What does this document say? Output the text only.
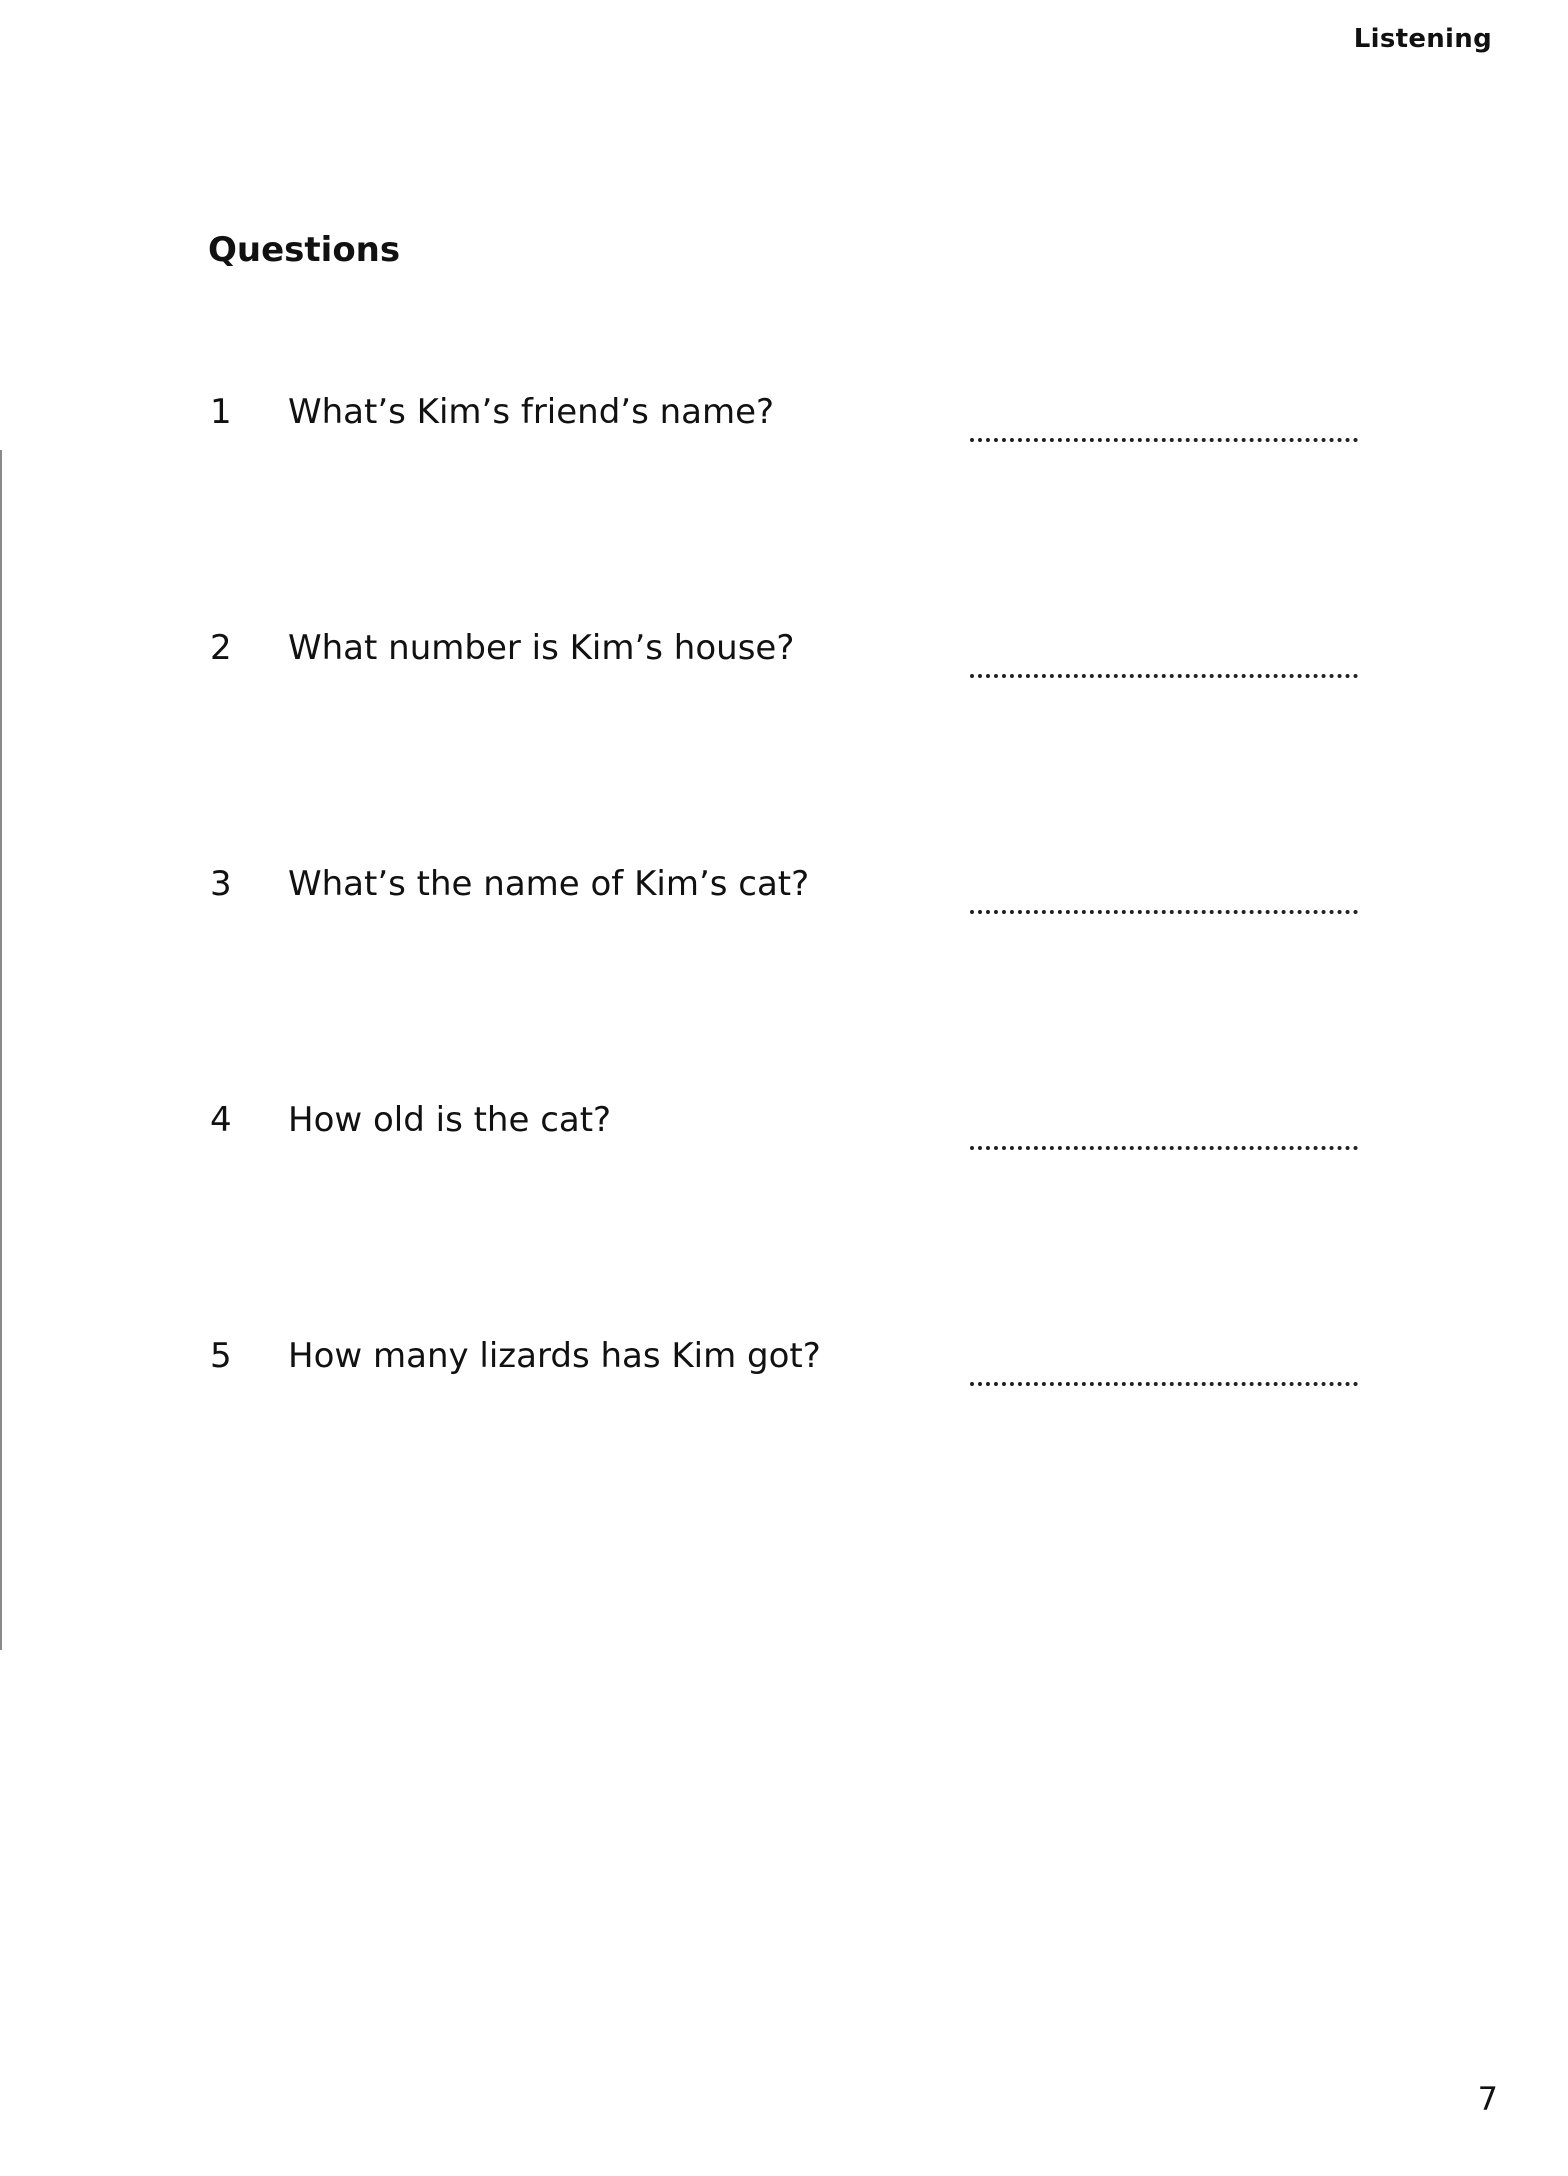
Listening
Questions
1 What’s Kim’s friend’s name?
2 What number is Kim’s house?
3 What’s the name of Kim’s cat?
4 How old is the cat?
5 How many lizards has Kim got?
7
